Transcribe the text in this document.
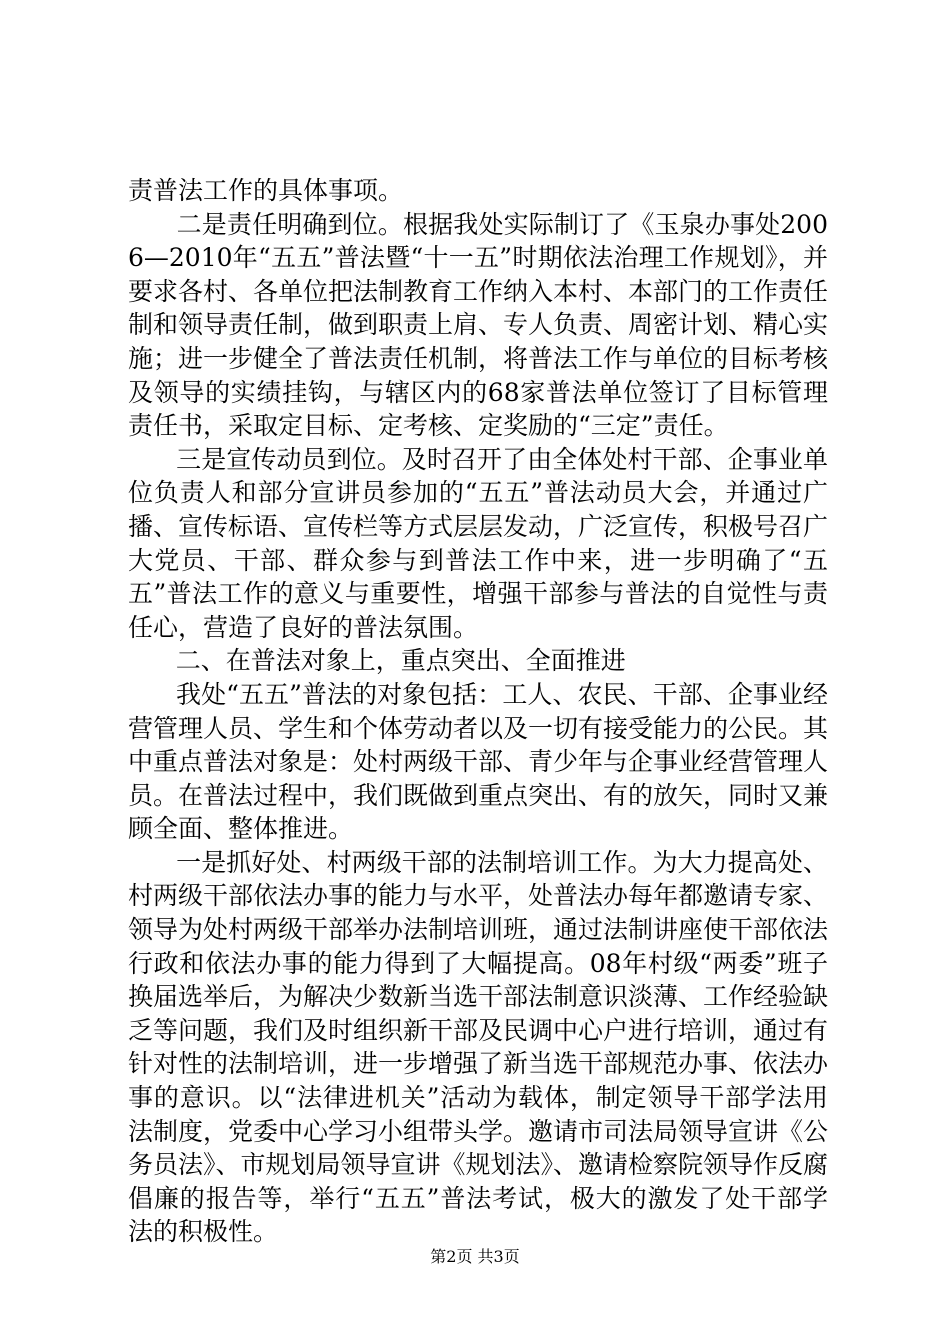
责普法工作的具体事项。

二是责任明确到位。根据我处实际制订了《玉泉办事处2006—2010年“五五”普法暨“十一五”时期依法治理工作规划》，并要求各村、各单位把法制教育工作纳入本村、本部门的工作责任制和领导责任制，做到职责上肩、专人负责、周密计划、精心实施；进一步健全了普法责任机制，将普法工作与单位的目标考核及领导的实绩挂钩，与辖区内的68家普法单位签订了目标管理责任书，采取定目标、定考核、定奖励的“三定”责任。

三是宣传动员到位。及时召开了由全体处村干部、企事业单位负责人和部分宣讲员参加的“五五”普法动员大会，并通过广播、宣传标语、宣传栏等方式层层发动，广泛宣传，积极号召广大党员、干部、群众参与到普法工作中来，进一步明确了“五五”普法工作的意义与重要性，增强干部参与普法的自觉性与责任心，营造了良好的普法氛围。

二、在普法对象上，重点突出、全面推进

我处“五五”普法的对象包括：工人、农民、干部、企事业经营管理人员、学生和个体劳动者以及一切有接受能力的公民。其中重点普法对象是：处村两级干部、青少年与企事业经营管理人员。在普法过程中，我们既做到重点突出、有的放矢，同时又兼顾全面、整体推进。

一是抓好处、村两级干部的法制培训工作。为大力提高处、村两级干部依法办事的能力与水平，处普法办每年都邀请专家、领导为处村两级干部举办法制培训班，通过法制讲座使干部依法行政和依法办事的能力得到了大幅提高。08年村级“两委”班子换届选举后，为解决少数新当选干部法制意识淡薄、工作经验缺乏等问题，我们及时组织新干部及民调中心户进行培训，通过有针对性的法制培训，进一步增强了新当选干部规范办事、依法办事的意识。以“法律进机关”活动为载体，制定领导干部学法用法制度，党委中心学习小组带头学。邀请市司法局领导宣讲《公务员法》、市规划局领导宣讲《规划法》、邀请检察院领导作反腐倡廉的报告等，举行“五五”普法考试，极大的激发了处干部学法的积极性。

第2页 共3页
